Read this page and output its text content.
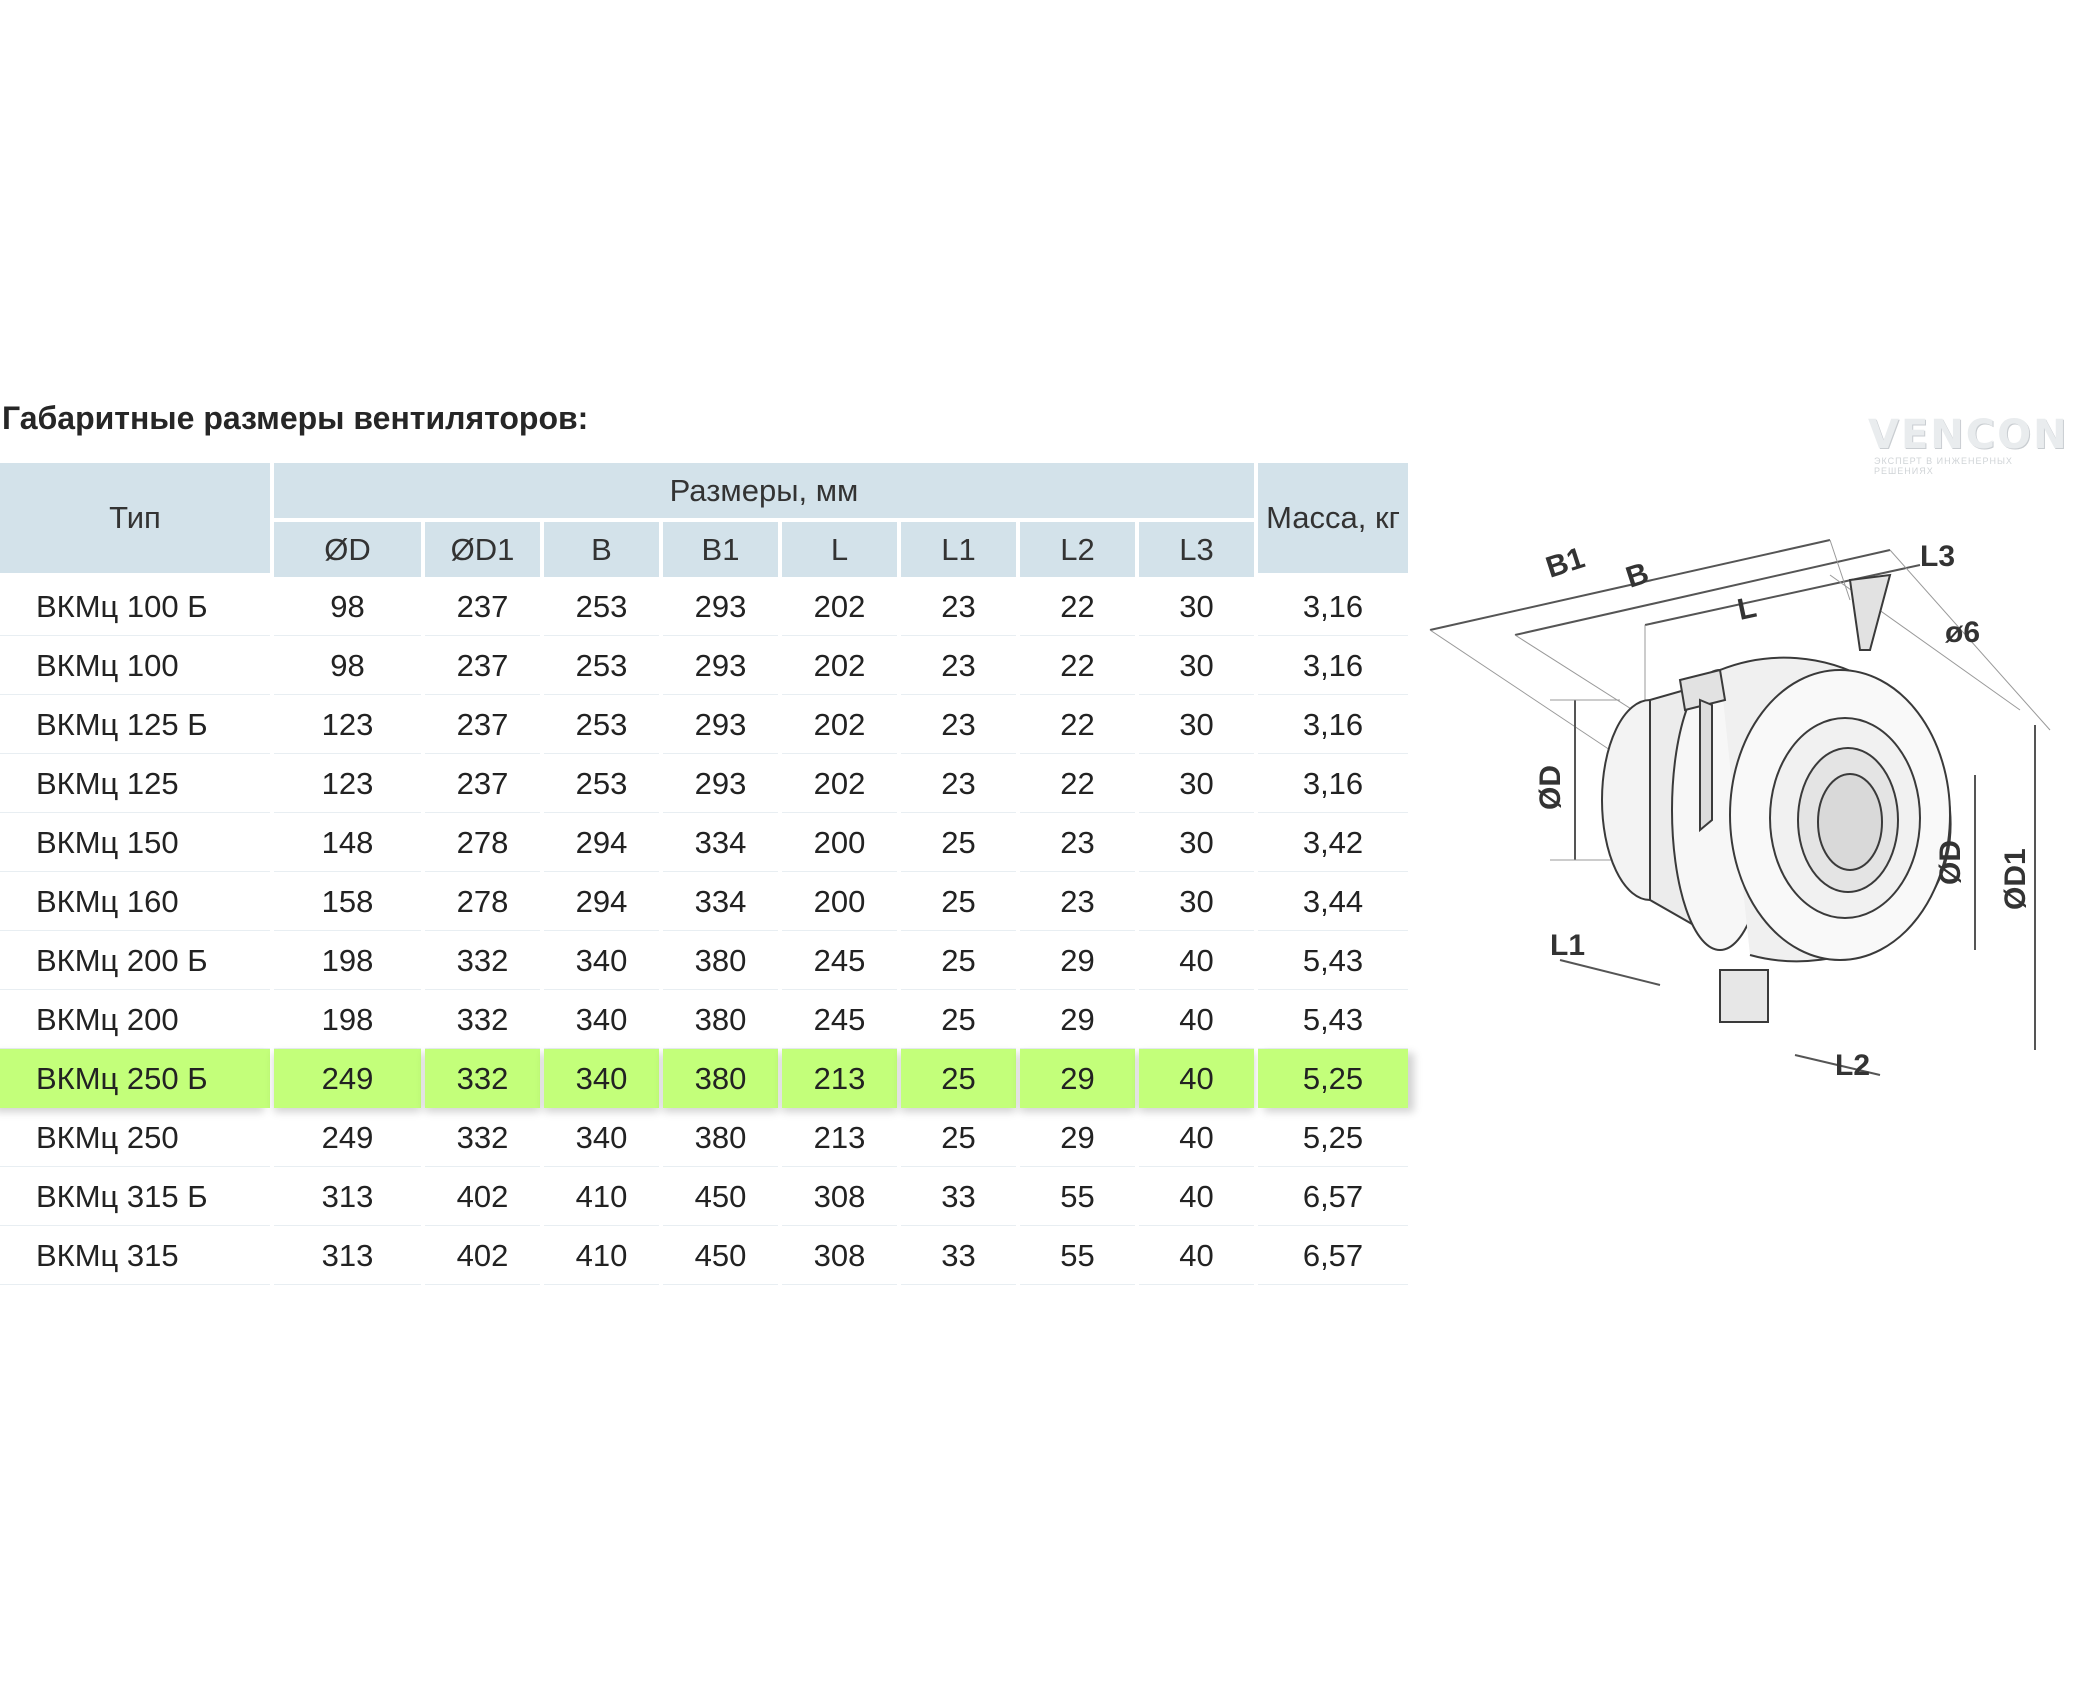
Габаритные размеры вентиляторов:	VENCON
ЭКСПЕРТ В ИНЖЕНЕРНЫХ РЕШЕНИЯХ
Тип	Размеры, мм								Масса, кг
	ØD	ØD1	B	B1	L	L1	L2	L3	
ВКМц 100 Б	98	237	253	293	202	23	22	30	3,16
ВКМц 100	98	237	253	293	202	23	22	30	3,16
ВКМц 125 Б	123	237	253	293	202	23	22	30	3,16
ВКМц 125	123	237	253	293	202	23	22	30	3,16
ВКМц 150	148	278	294	334	200	25	23	30	3,42
ВКМц 160	158	278	294	334	200	25	23	30	3,44
ВКМц 200 Б	198	332	340	380	245	25	29	40	5,43
ВКМц 200	198	332	340	380	245	25	29	40	5,43
ВКМц 250 Б	249	332	340	380	213	25	29	40	5,25
ВКМц 250	249	332	340	380	213	25	29	40	5,25
ВКМц 315 Б	313	402	410	450	308	33	55	40	6,57
ВКМц 315	313	402	410	450	308	33	55	40	6,57
B1 B
L
L3
ø6
ØD
ØD ØD1
L1
L2
